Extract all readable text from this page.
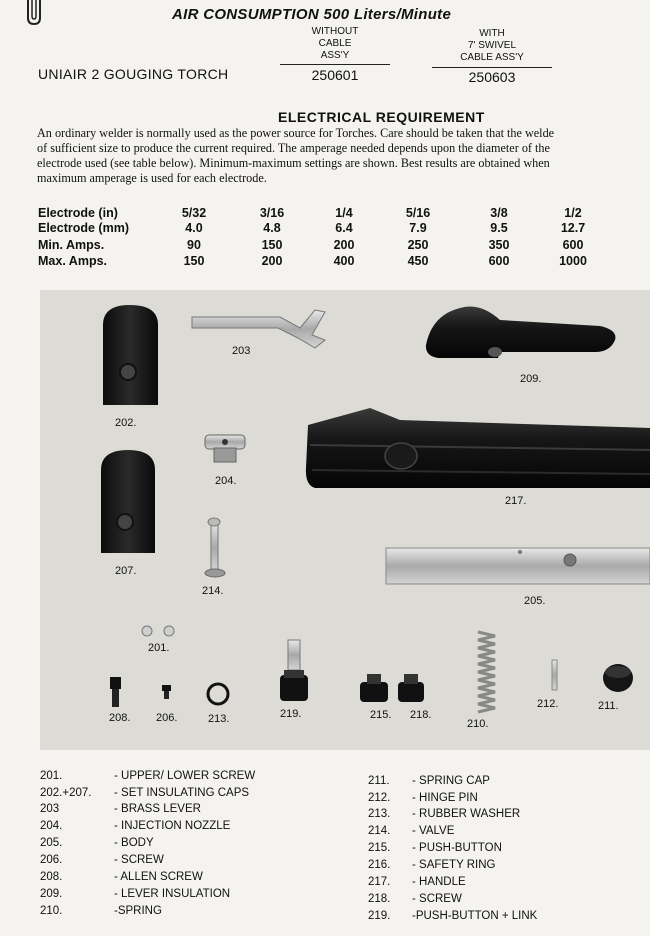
AIR CONSUMPTION 500 Liters/Minute
WITHOUT
CABLE
ASS'Y
WITH
7' SWIVEL
CABLE ASS'Y
UNIAIR 2 GOUGING TORCH	250601	250603
ELECTRICAL REQUIREMENT
An ordinary welder is normally used as the power source for Torches. Care should be taken that the welde
of sufficient size to produce the current required. The amperage needed depends upon the diameter of the
electrode used (see table below). Minimum-maximum settings are shown. Best results are obtained when
maximum amperage is used for each electrode.
Electrode (in)	5/32	3/16	1/4	5/16	3/8	1/2
Electrode (mm)	4.0	4.8	6.4	7.9	9.5	12.7
Min. Amps.	90	150	200	250	350	600
Max. Amps.	150	200	400	450	600	1000
202.
203
209.
204.
217.
207.
214.
205.
201.
208. 206.	213.	219.	215. 218.
210.
212.	211.
201.	- UPPER/ LOWER SCREW
202.+207. - SET INSULATING CAPS
203	- BRASS LEVER
204.	- INJECTION NOZZLE
205.	- BODY
206.	- SCREW
208.	- ALLEN SCREW
209.	- LEVER INSULATION
210.	-SPRING
211. - SPRING CAP
212. - HINGE PIN
213. - RUBBER WASHER
214. - VALVE
215. - PUSH-BUTTON
216. - SAFETY RING
217. - HANDLE
218. - SCREW
219. -PUSH-BUTTON + LINK
